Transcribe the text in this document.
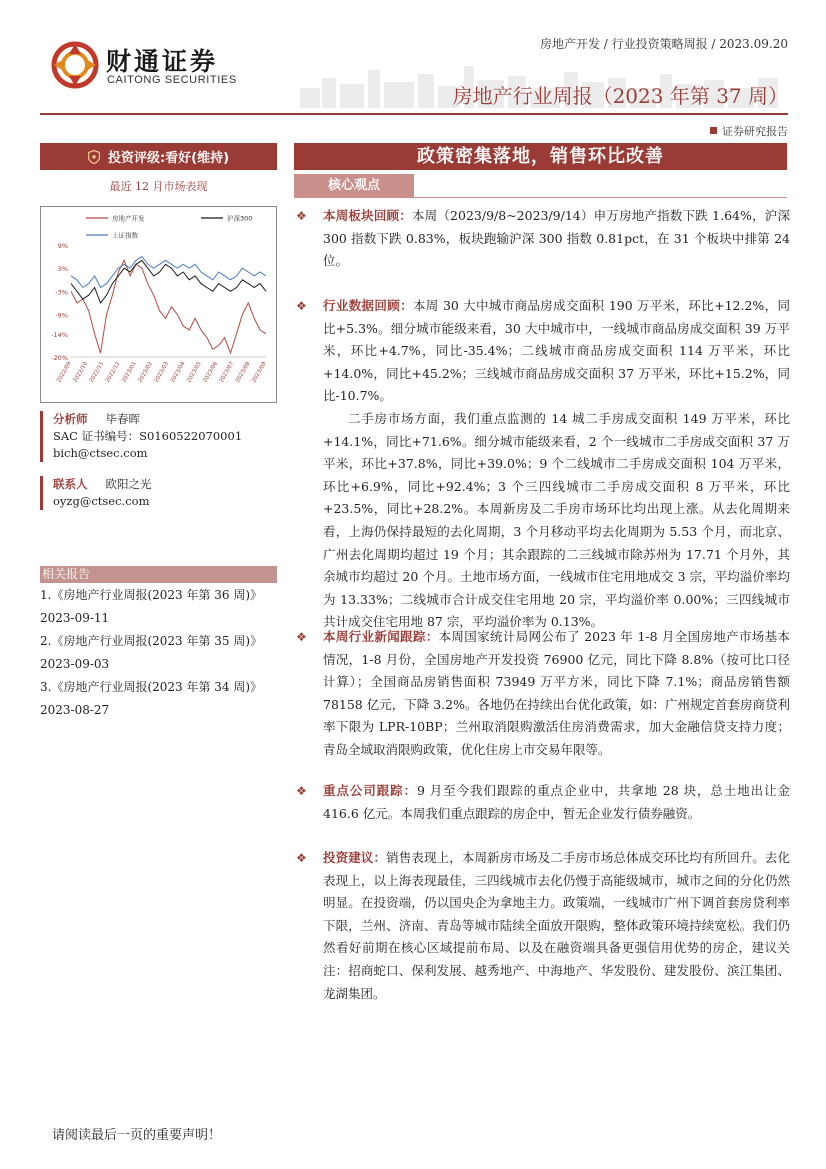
财通证券
CAITONG SECURITIES
房地产开发 / 行业投资策略周报 / 2023.09.20
房地产行业周报（2023 年第 37 周）
证券研究报告
投资评级:看好(维持)
最近 12 月市场表现
9%
3%
-3%
-9%
-14%
-20%
2022/09 2022/10 2022/11 2022/12 2023/01 2023/02 2023/03 2023/04 2023/05 2023/06 2023/07 2023/08 2023/09
房地产开发	沪深300
上证指数
分析师 毕春晖
SAC 证书编号：S0160522070001
bich@ctsec.com
联系人 欧阳之光
oyzg@ctsec.com
相关报告
1.《房地产行业周报(2023 年第 36 周)》
2023-09-11
2.《房地产行业周报(2023 年第 35 周)》
2023-09-03
3.《房地产行业周报(2023 年第 34 周)》
2023-08-27
政策密集落地，销售环比改善
核心观点
❖ 本周板块回顾：本周（2023/9/8~2023/9/14）申万房地产指数下跌 1.64%，沪深 300 指数下跌 0.83%，板块跑输沪深 300 指数 0.81pct，在 31 个板块中排第 24 位。
❖ 行业数据回顾：本周 30 大中城市商品房成交面积 190 万平米，环比+12.2%，同比+5.3%。细分城市能级来看，30 大中城市中，一线城市商品房成交面积 39 万平米，环比+4.7%，同比-35.4%；二线城市商品房成交面积 114 万平米，环比+14.0%，同比+45.2%；三线城市商品房成交面积 37 万平米，环比+15.2%，同比-10.7%。
二手房市场方面，我们重点监测的 14 城二手房成交面积 149 万平米，环比+14.1%，同比+71.6%。细分城市能级来看，2 个一线城市二手房成交面积 37 万平米，环比+37.8%，同比+39.0%；9 个二线城市二手房成交面积 104 万平米，环比+6.9%，同比+92.4%；3 个三四线城市二手房成交面积 8 万平米，环比+23.5%，同比+28.2%。本周新房及二手房市场环比均出现上涨。从去化周期来看，上海仍保持最短的去化周期，3 个月移动平均去化周期为 5.53 个月，而北京、广州去化周期均超过 19 个月；其余跟踪的二三线城市除苏州为 17.71 个月外，其余城市均超过 20 个月。土地市场方面，一线城市住宅用地成交 3 宗，平均溢价率均为 13.33%；二线城市合计成交住宅用地 20 宗，平均溢价率 0.00%；三四线城市共计成交住宅用地 87 宗，平均溢价率为 0.13%。
❖ 本周行业新闻跟踪：本周国家统计局网公布了 2023 年 1-8 月全国房地产市场基本情况，1-8 月份，全国房地产开发投资 76900 亿元，同比下降 8.8%（按可比口径计算）；全国商品房销售面积 73949 万平方米，同比下降 7.1%；商品房销售额 78158 亿元，下降 3.2%。各地仍在持续出台优化政策，如：广州规定首套房商贷利率下限为 LPR-10BP；兰州取消限购激活住房消费需求，加大金融信贷支持力度；青岛全域取消限购政策，优化住房上市交易年限等。
❖ 重点公司跟踪：9 月至今我们跟踪的重点企业中，共拿地 28 块，总土地出让金 416.6 亿元。本周我们重点跟踪的房企中，暂无企业发行债券融资。
❖ 投资建议：销售表现上，本周新房市场及二手房市场总体成交环比均有所回升。去化表现上，以上海表现最佳，三四线城市去化仍慢于高能级城市，城市之间的分化仍然明显。在投资端，仍以国央企为拿地主力。政策端，一线城市广州下调首套房贷利率下限，兰州、济南、青岛等城市陆续全面放开限购，整体政策环境持续宽松。我们仍然看好前期在核心区域提前布局、以及在融资端具备更强信用优势的房企，建议关注：招商蛇口、保利发展、越秀地产、中海地产、华发股份、建发股份、滨江集团、龙湖集团。
请阅读最后一页的重要声明！
